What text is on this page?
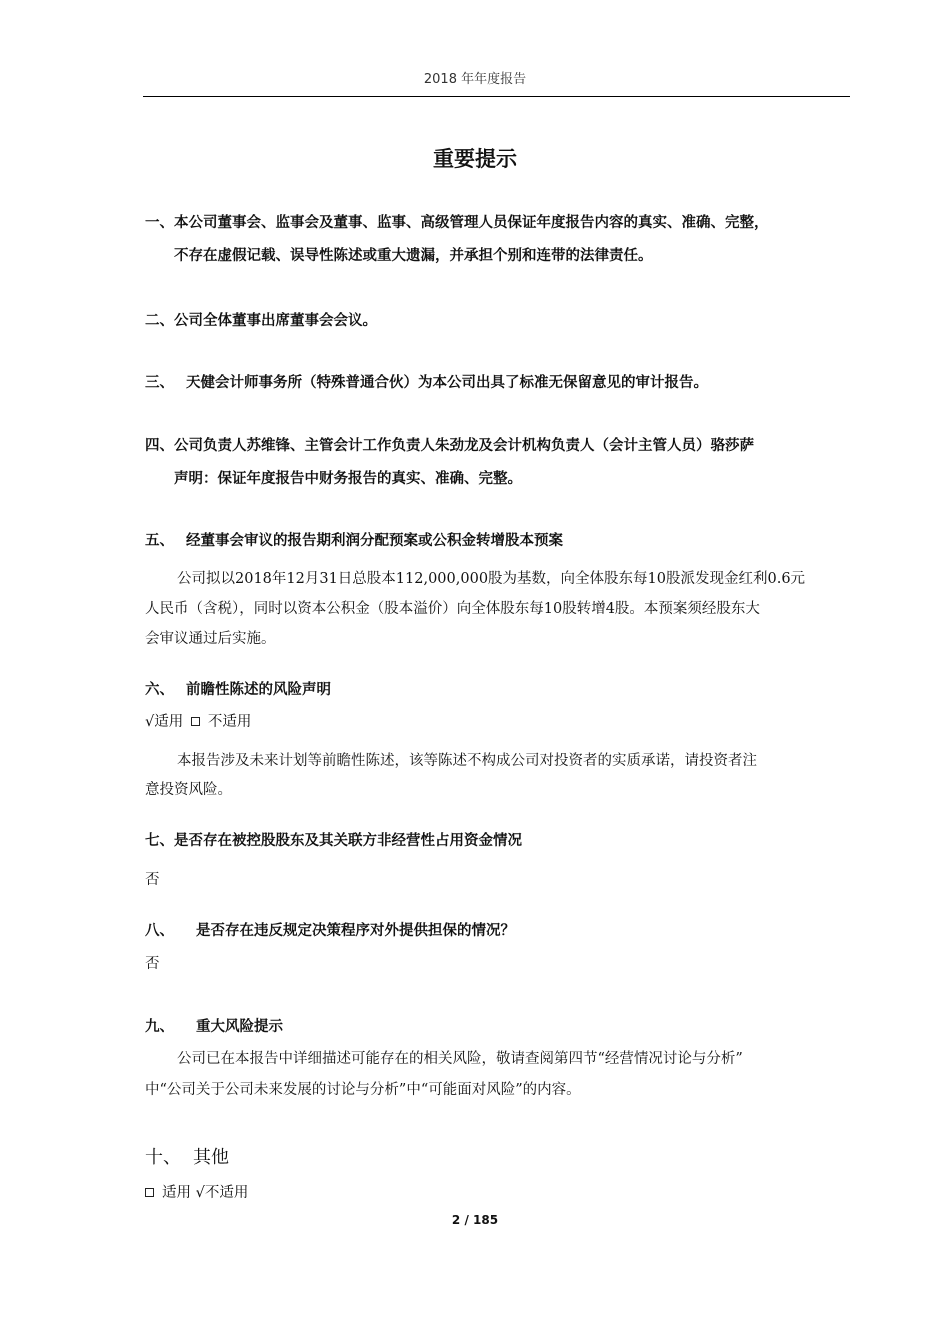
2018 年年度报告
重要提示
一、本公司董事会、监事会及董事、监事、高级管理人员保证年度报告内容的真实、准确、完整，
不存在虚假记载、误导性陈述或重大遗漏，并承担个别和连带的法律责任。
二、公司全体董事出席董事会会议。
三、 天健会计师事务所（特殊普通合伙）为本公司出具了标准无保留意见的审计报告。
四、公司负责人苏维锋、主管会计工作负责人朱劲龙及会计机构负责人（会计主管人员）骆莎萨
声明：保证年度报告中财务报告的真实、准确、完整。
五、 经董事会审议的报告期利润分配预案或公积金转增股本预案
公司拟以2018年12月31日总股本112,000,000股为基数，向全体股东每10股派发现金红利0.6元
人民币（含税），同时以资本公积金（股本溢价）向全体股东每10股转增4股。本预案须经股东大
会审议通过后实施。
六、 前瞻性陈述的风险声明
√适用 不适用
本报告涉及未来计划等前瞻性陈述，该等陈述不构成公司对投资者的实质承诺，请投资者注
意投资风险。
七、是否存在被控股股东及其关联方非经营性占用资金情况
否
八、 是否存在违反规定决策程序对外提供担保的情况？
否
九、 重大风险提示
公司已在本报告中详细描述可能存在的相关风险，敬请查阅第四节“经营情况讨论与分析”
中“公司关于公司未来发展的讨论与分析”中“可能面对风险”的内容。
十、 其他
适用 √不适用
2 / 185
